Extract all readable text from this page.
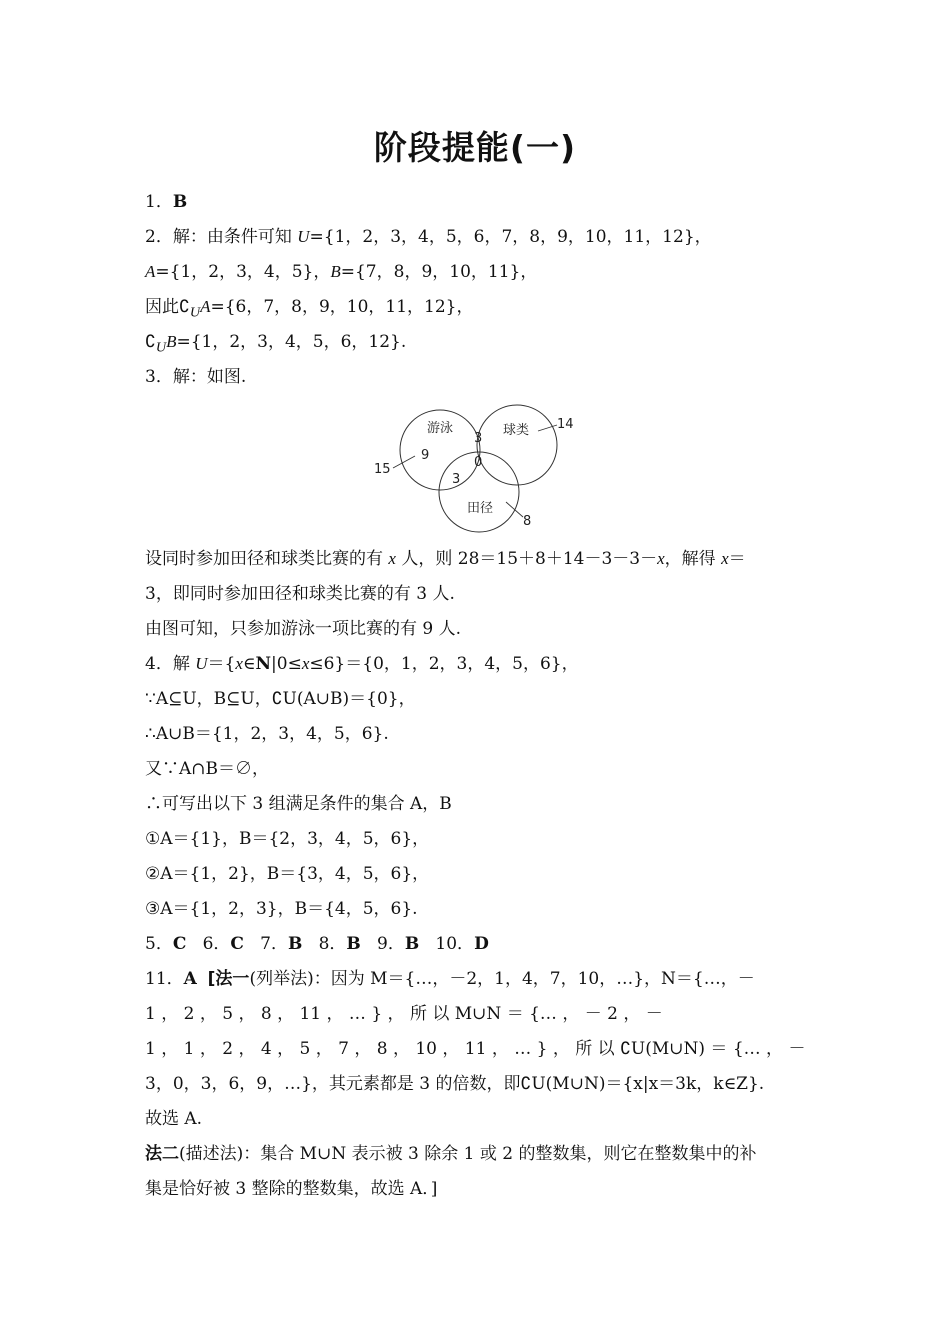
阶段提能(一)
1．B
2．解：由条件可知 U={1，2，3，4，5，6，7，8，9，10，11，12}，
A={1，2，3，4，5}，B={7，8，9，10，11}，
因此$∁_UA=\{6$，7，8，9，10，11，12}，
$∁_UB=\{1$，2，3，4，5，6，12}.
3．解：如图.
游泳	球类
田径
9
3
0
3
15
14
8
设同时参加田径和球类比赛的有 x 人，则 28＝15＋8＋14－3－3－x，解得 x＝
3，即同时参加田径和球类比赛的有 3 人.
由图可知，只参加游泳一项比赛的有 9 人.
4．解 U＝{x∈N|0≤x≤6}＝{0，1，2，3，4，5，6}，
∵A⊆U，B⊆U，∁U(A∪B)＝{0}，
∴A∪B＝{1，2，3，4，5，6}.
又∵A∩B＝∅，
∴可写出以下 3 组满足条件的集合 A，B
①A＝{1}，B＝{2，3，4，5，6}，
②A＝{1，2}，B＝{3，4，5，6}，
③A＝{1，2，3}，B＝{4，5，6}.
5．C 6．C 7．B 8．B 9．B 10．D
11．A [法一(列举法)：因为 M＝{…，－2，1，4，7，10，…}，N＝{…，－
1 ， 2 ， 5 ， 8 ， 11 ， … } ， 所 以 M∪N ＝ {… ， － 2 ， －
1 ， 1 ， 2 ， 4 ， 5 ， 7 ， 8 ， 10 ， 11 ， … } ， 所 以 ∁U(M∪N) ＝ {… ， －
3，0，3，6，9，…}，其元素都是 3 的倍数，即∁U(M∪N)＝{x|x＝3k，k∈Z}.
故选 A.
法二(描述法)：集合 M∪N 表示被 3 除余 1 或 2 的整数集，则它在整数集中的补
集是恰好被 3 整除的整数集，故选 A．]
